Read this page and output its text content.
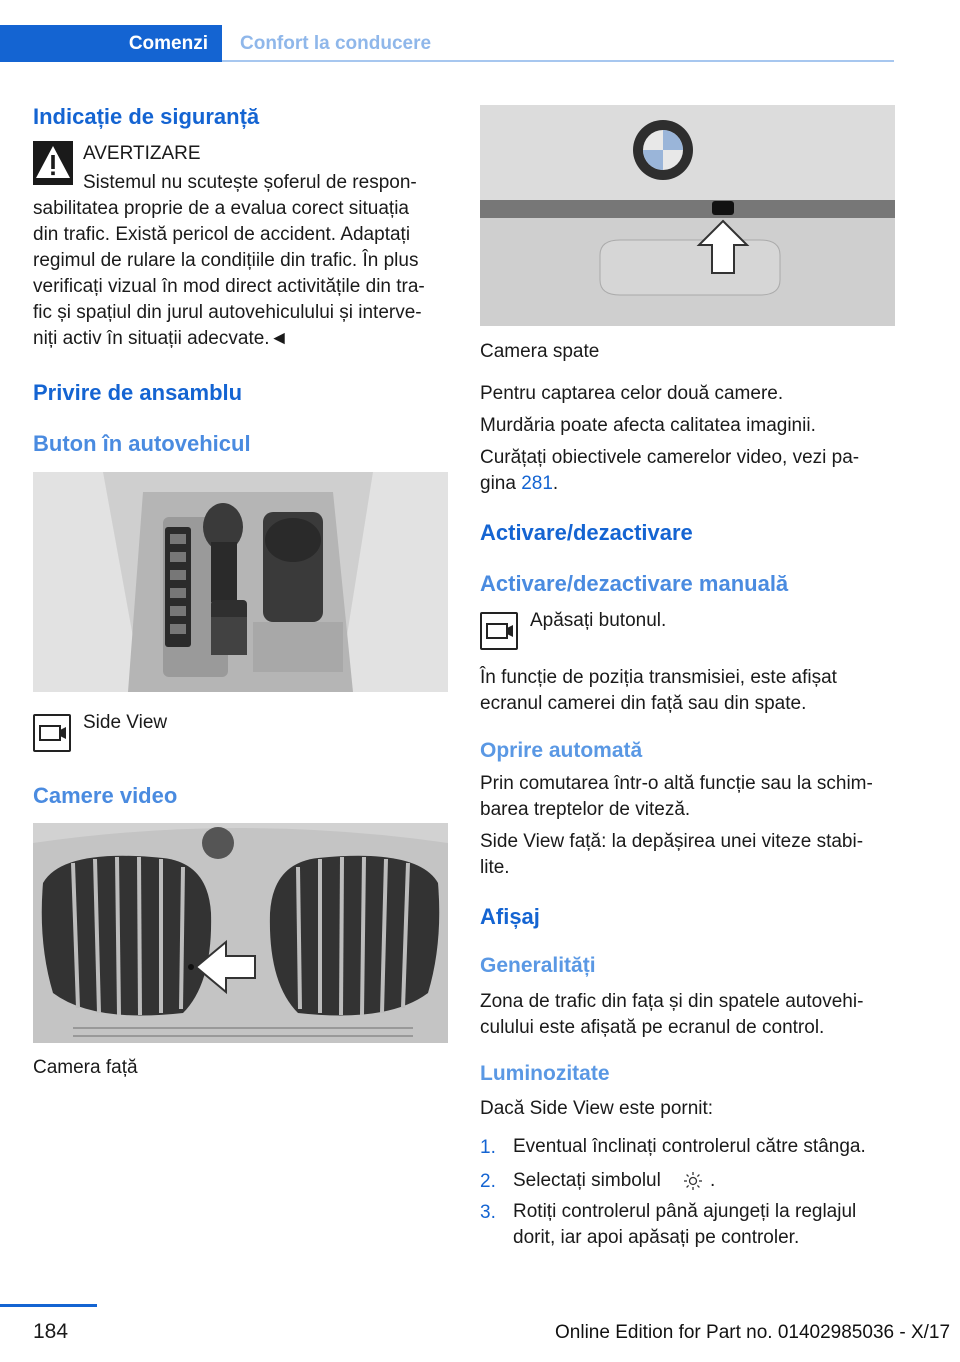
Comenzi	Confort la conducere
Indicație de siguranță
AVERTIZARE
Sistemul nu scutește șoferul de respon-
sabilitatea proprie de a evalua corect situația
din trafic. Există pericol de accident. Adaptați
regimul de rulare la condițiile din trafic. În plus
verificați vizual în mod direct activitățile din tra-
fic și spațiul din jurul autovehiculului și interve-
niți activ în situații adecvate.◄
Privire de ansamblu
Buton în autovehicul
Side View
Camere video
Camera față
Camera spate
Pentru captarea celor două camere.
Murdăria poate afecta calitatea imaginii.
Curățați obiectivele camerelor video, vezi pa-
gina 281.
Activare/dezactivare
Activare/dezactivare manuală
Apăsați butonul.
În funcție de poziția transmisiei, este afișat
ecranul camerei din față sau din spate.
Oprire automată
Prin comutarea într-o altă funcție sau la schim-
barea treptelor de viteză.
Side View față: la depășirea unei viteze stabi-
lite.
Afișaj
Generalități
Zona de trafic din fața și din spatele autovehi-
culului este afișată pe ecranul de control.
Luminozitate
Dacă Side View este pornit:
1. Eventual înclinați controlerul către stânga.
2. Selectați simbolul	.
3. Rotiți controlerul până ajungeți la reglajul
dorit, iar apoi apăsați pe controler.
184	Online Edition for Part no. 01402985036 - X/17
